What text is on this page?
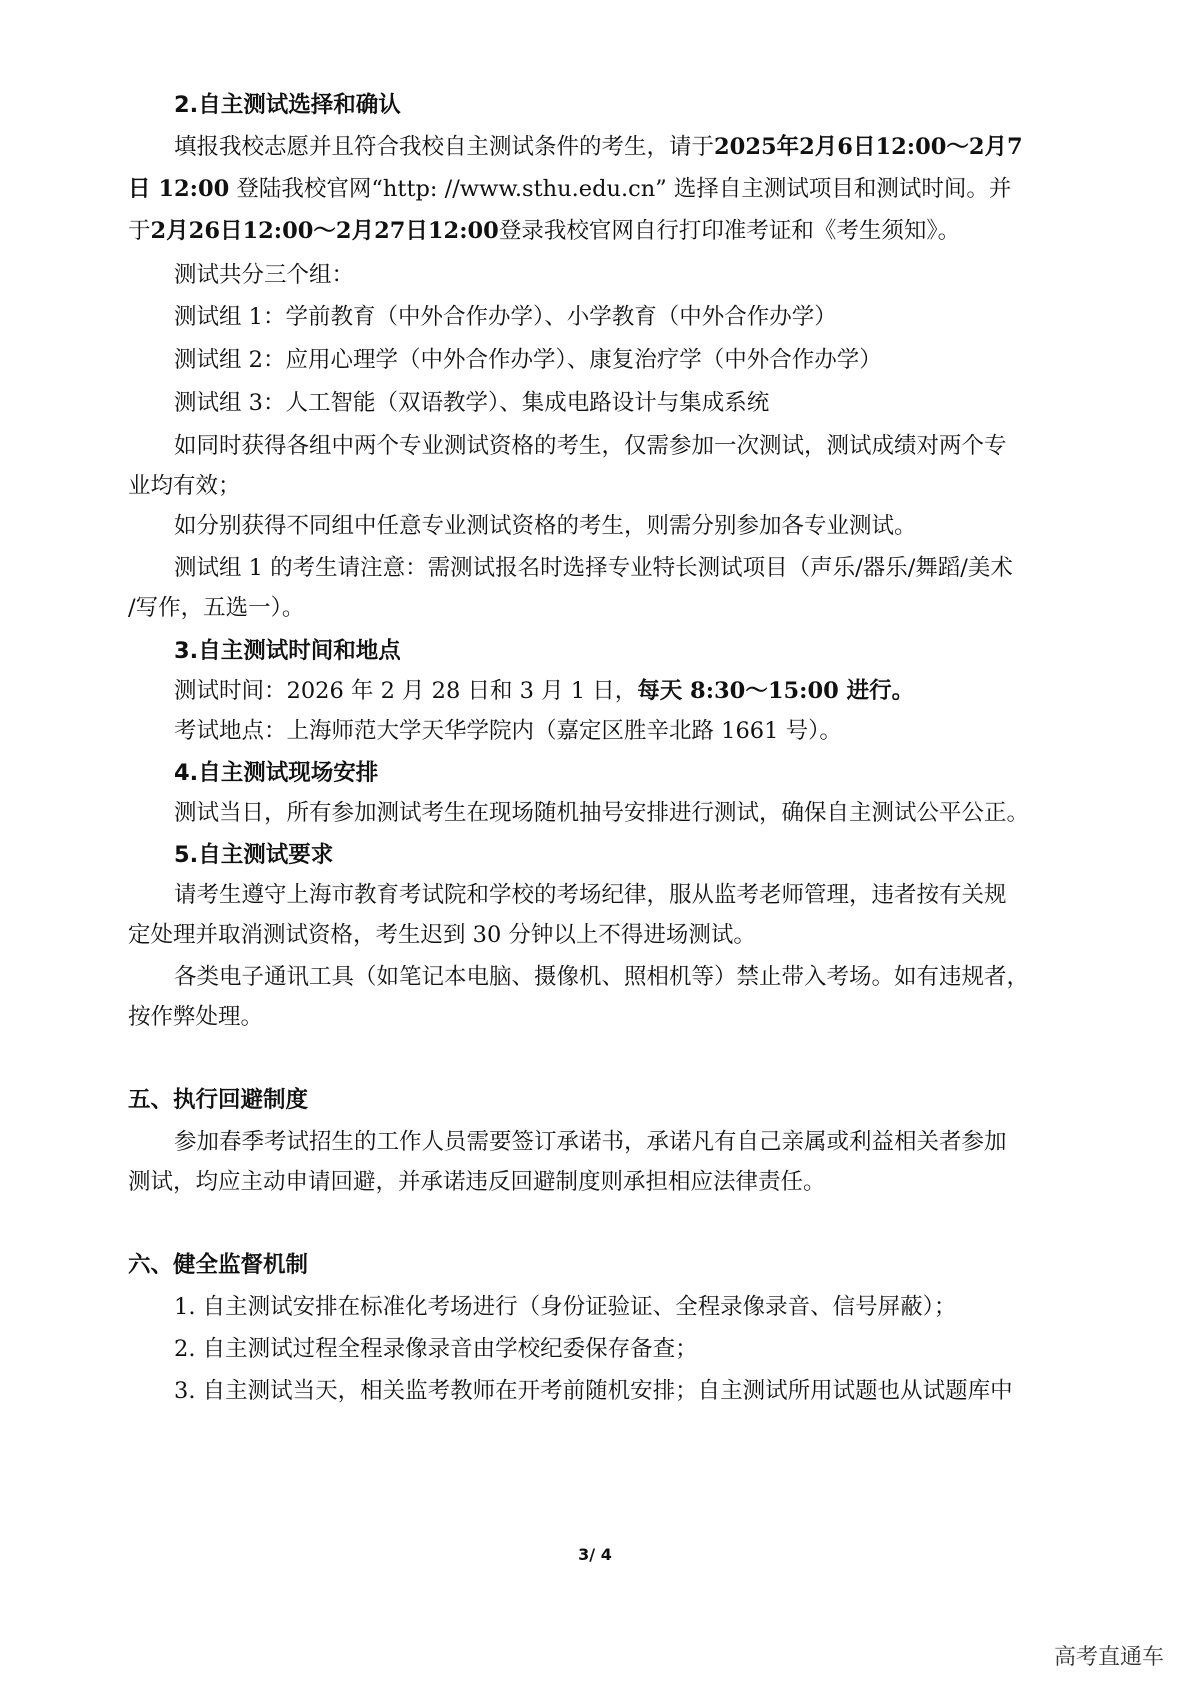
2.自主测试选择和确认
填报我校志愿并且符合我校自主测试条件的考生，请于2025年2月6日12:00～2月7
日 12:00 登陆我校官网“http: //www.sthu.edu.cn” 选择自主测试项目和测试时间。并
于2月26日12:00～2月27日12:00登录我校官网自行打印准考证和《考生须知》。
测试共分三个组：
测试组 1：学前教育（中外合作办学）、小学教育（中外合作办学）
测试组 2：应用心理学（中外合作办学）、康复治疗学（中外合作办学）
测试组 3：人工智能（双语教学）、集成电路设计与集成系统
如同时获得各组中两个专业测试资格的考生，仅需参加一次测试，测试成绩对两个专
业均有效；
如分别获得不同组中任意专业测试资格的考生，则需分别参加各专业测试。
测试组 1 的考生请注意：需测试报名时选择专业特长测试项目（声乐/器乐/舞蹈/美术
/写作，五选一）。
3.自主测试时间和地点
测试时间：2026 年 2 月 28 日和 3 月 1 日，每天 8:30～15:00 进行。
考试地点：上海师范大学天华学院内（嘉定区胜辛北路 1661 号）。
4.自主测试现场安排
测试当日，所有参加测试考生在现场随机抽号安排进行测试，确保自主测试公平公正。
5.自主测试要求
请考生遵守上海市教育考试院和学校的考场纪律，服从监考老师管理，违者按有关规
定处理并取消测试资格，考生迟到 30 分钟以上不得进场测试。
各类电子通讯工具（如笔记本电脑、摄像机、照相机等）禁止带入考场。如有违规者，
按作弊处理。
五、执行回避制度
参加春季考试招生的工作人员需要签订承诺书，承诺凡有自己亲属或利益相关者参加
测试，均应主动申请回避，并承诺违反回避制度则承担相应法律责任。
六、健全监督机制
1. 自主测试安排在标准化考场进行（身份证验证、全程录像录音、信号屏蔽）；
2. 自主测试过程全程录像录音由学校纪委保存备查；
3. 自主测试当天，相关监考教师在开考前随机安排；自主测试所用试题也从试题库中
3/ 4
高考直通车
